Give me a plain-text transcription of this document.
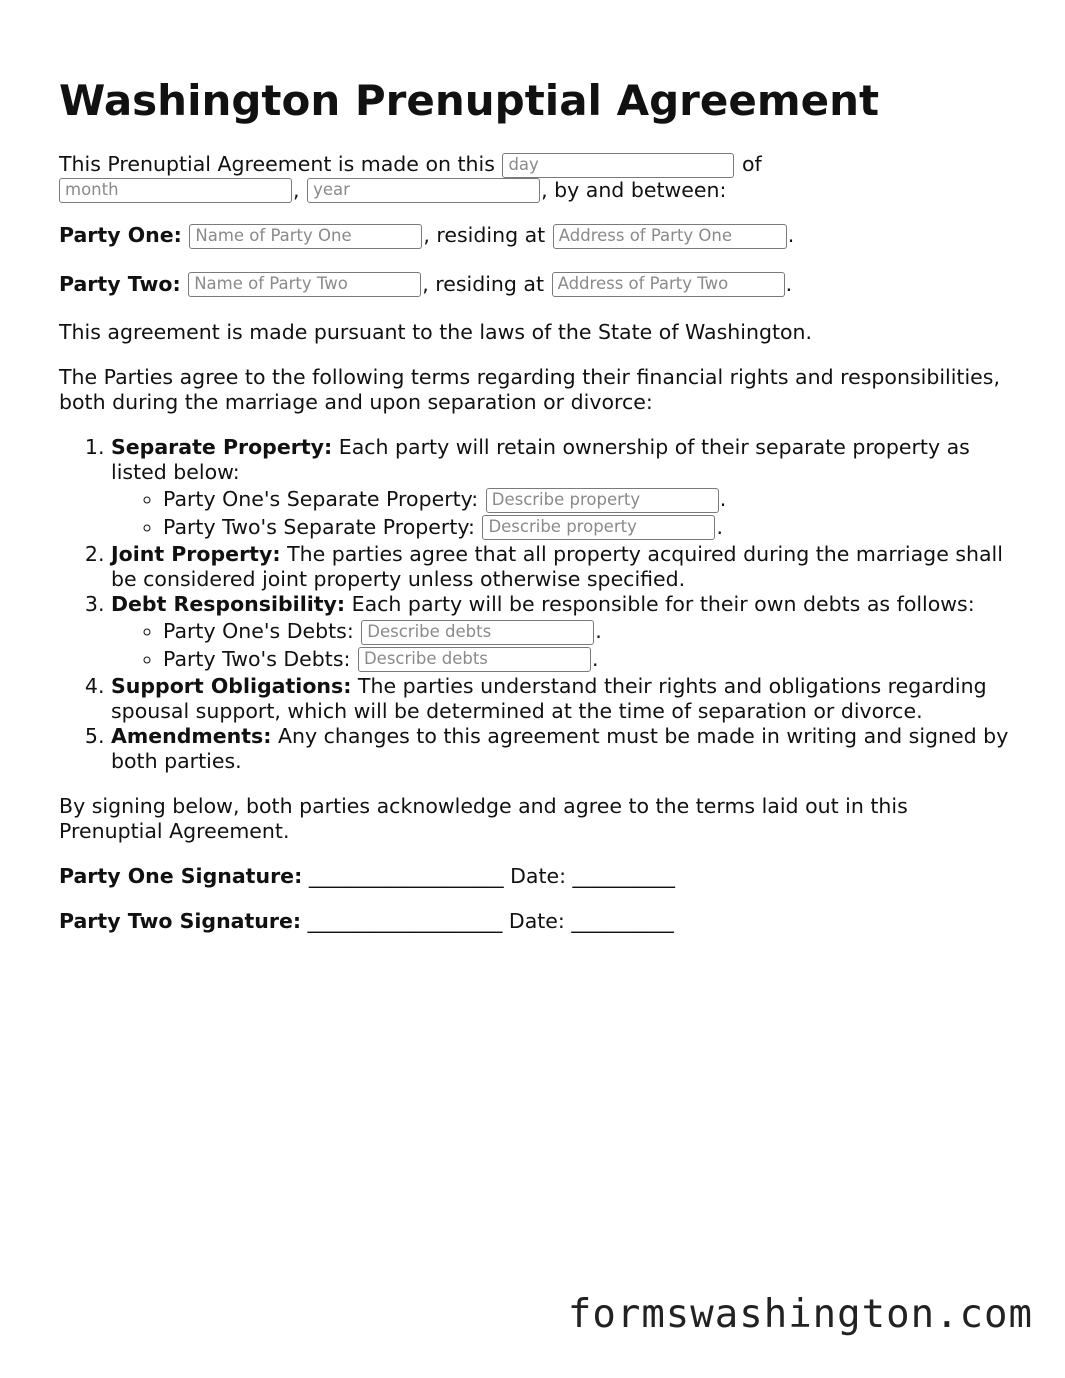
Washington Prenuptial Agreement

This Prenuptial Agreement is made on this day	of
month	, year	, by and between:

Party One: Name of Party One	, residing at Address of Party One	.

Party Two: Name of Party Two	, residing at Address of Party Two	.

This agreement is made pursuant to the laws of the State of Washington.

The Parties agree to the following terms regarding their financial rights and responsibilities, both during the marriage and upon separation or divorce:

1. Separate Property: Each party will retain ownership of their separate property as listed below:
◦ Party One's Separate Property: Describe property	.
◦ Party Two's Separate Property: Describe property	.
2. Joint Property: The parties agree that all property acquired during the marriage shall be considered joint property unless otherwise specified.
3. Debt Responsibility: Each party will be responsible for their own debts as follows:
◦ Party One's Debts: Describe debts	.
◦ Party Two's Debts: Describe debts	.
4. Support Obligations: The parties understand their rights and obligations regarding spousal support, which will be determined at the time of separation or divorce.
5. Amendments: Any changes to this agreement must be made in writing and signed by both parties.

By signing below, both parties acknowledge and agree to the terms laid out in this Prenuptial Agreement.

Party One Signature: ___________________ Date: __________

Party Two Signature: ___________________ Date: __________

formswashington.com
